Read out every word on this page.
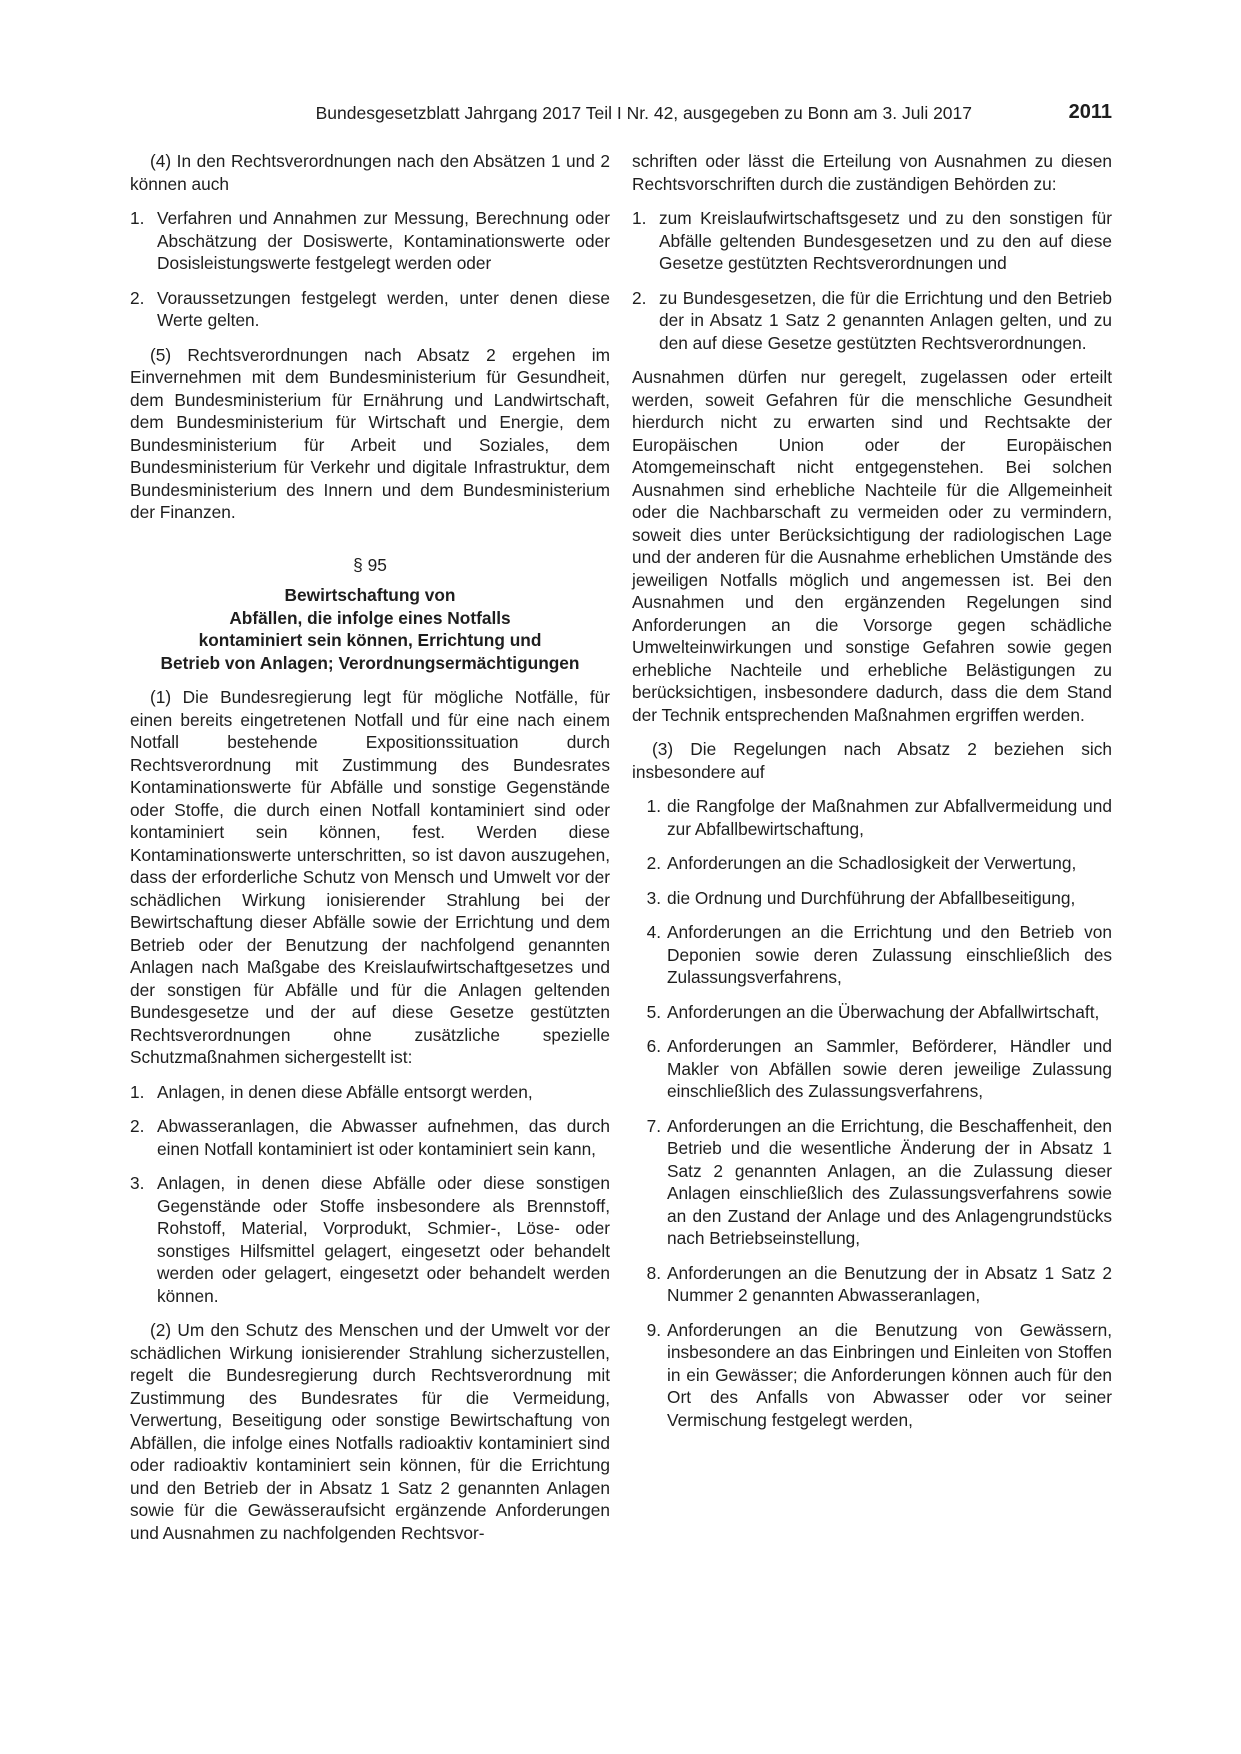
Bundesgesetzblatt Jahrgang 2017 Teil I Nr. 42, ausgegeben zu Bonn am 3. Juli 2017	2011

(4) In den Rechtsverordnungen nach den Absätzen 1 und 2 können auch

1. Verfahren und Annahmen zur Messung, Berechnung oder Abschätzung der Dosiswerte, Kontaminationswerte oder Dosisleistungswerte festgelegt werden oder
2. Voraussetzungen festgelegt werden, unter denen diese Werte gelten.

(5) Rechtsverordnungen nach Absatz 2 ergehen im Einvernehmen mit dem Bundesministerium für Gesundheit, dem Bundesministerium für Ernährung und Landwirtschaft, dem Bundesministerium für Wirtschaft und Energie, dem Bundesministerium für Arbeit und Soziales, dem Bundesministerium für Verkehr und digitale Infrastruktur, dem Bundesministerium des Innern und dem Bundesministerium der Finanzen.

§ 95
Bewirtschaftung von
Abfällen, die infolge eines Notfalls
kontaminiert sein können, Errichtung und
Betrieb von Anlagen; Verordnungsermächtigungen

(1) Die Bundesregierung legt für mögliche Notfälle, für einen bereits eingetretenen Notfall und für eine nach einem Notfall bestehende Expositionssituation durch Rechtsverordnung mit Zustimmung des Bundesrates Kontaminationswerte für Abfälle und sonstige Gegenstände oder Stoffe, die durch einen Notfall kontaminiert sind oder kontaminiert sein können, fest. Werden diese Kontaminationswerte unterschritten, so ist davon auszugehen, dass der erforderliche Schutz von Mensch und Umwelt vor der schädlichen Wirkung ionisierender Strahlung bei der Bewirtschaftung dieser Abfälle sowie der Errichtung und dem Betrieb oder der Benutzung der nachfolgend genannten Anlagen nach Maßgabe des Kreislaufwirtschaftgesetzes und der sonstigen für Abfälle und für die Anlagen geltenden Bundesgesetze und der auf diese Gesetze gestützten Rechtsverordnungen ohne zusätzliche spezielle Schutzmaßnahmen sichergestellt ist:

1. Anlagen, in denen diese Abfälle entsorgt werden,
2. Abwasseranlagen, die Abwasser aufnehmen, das durch einen Notfall kontaminiert ist oder kontaminiert sein kann,
3. Anlagen, in denen diese Abfälle oder diese sonstigen Gegenstände oder Stoffe insbesondere als Brennstoff, Rohstoff, Material, Vorprodukt, Schmier-, Löse- oder sonstiges Hilfsmittel gelagert, eingesetzt oder behandelt werden oder gelagert, eingesetzt oder behandelt werden können.

(2) Um den Schutz des Menschen und der Umwelt vor der schädlichen Wirkung ionisierender Strahlung sicherzustellen, regelt die Bundesregierung durch Rechtsverordnung mit Zustimmung des Bundesrates für die Vermeidung, Verwertung, Beseitigung oder sonstige Bewirtschaftung von Abfällen, die infolge eines Notfalls radioaktiv kontaminiert sind oder radioaktiv kontaminiert sein können, für die Errichtung und den Betrieb der in Absatz 1 Satz 2 genannten Anlagen sowie für die Gewässeraufsicht ergänzende Anforderungen und Ausnahmen zu nachfolgenden Rechtsvor-

schriften oder lässt die Erteilung von Ausnahmen zu diesen Rechtsvorschriften durch die zuständigen Behörden zu:

1. zum Kreislaufwirtschaftsgesetz und zu den sonstigen für Abfälle geltenden Bundesgesetzen und zu den auf diese Gesetze gestützten Rechtsverordnungen und
2. zu Bundesgesetzen, die für die Errichtung und den Betrieb der in Absatz 1 Satz 2 genannten Anlagen gelten, und zu den auf diese Gesetze gestützten Rechtsverordnungen.

Ausnahmen dürfen nur geregelt, zugelassen oder erteilt werden, soweit Gefahren für die menschliche Gesundheit hierdurch nicht zu erwarten sind und Rechtsakte der Europäischen Union oder der Europäischen Atomgemeinschaft nicht entgegenstehen. Bei solchen Ausnahmen sind erhebliche Nachteile für die Allgemeinheit oder die Nachbarschaft zu vermeiden oder zu vermindern, soweit dies unter Berücksichtigung der radiologischen Lage und der anderen für die Ausnahme erheblichen Umstände des jeweiligen Notfalls möglich und angemessen ist. Bei den Ausnahmen und den ergänzenden Regelungen sind Anforderungen an die Vorsorge gegen schädliche Umwelteinwirkungen und sonstige Gefahren sowie gegen erhebliche Nachteile und erhebliche Belästigungen zu berücksichtigen, insbesondere dadurch, dass die dem Stand der Technik entsprechenden Maßnahmen ergriffen werden.

(3) Die Regelungen nach Absatz 2 beziehen sich insbesondere auf

1. die Rangfolge der Maßnahmen zur Abfallvermeidung und zur Abfallbewirtschaftung,
2. Anforderungen an die Schadlosigkeit der Verwertung,
3. die Ordnung und Durchführung der Abfallbeseitigung,
4. Anforderungen an die Errichtung und den Betrieb von Deponien sowie deren Zulassung einschließlich des Zulassungsverfahrens,
5. Anforderungen an die Überwachung der Abfallwirtschaft,
6. Anforderungen an Sammler, Beförderer, Händler und Makler von Abfällen sowie deren jeweilige Zulassung einschließlich des Zulassungsverfahrens,
7. Anforderungen an die Errichtung, die Beschaffenheit, den Betrieb und die wesentliche Änderung der in Absatz 1 Satz 2 genannten Anlagen, an die Zulassung dieser Anlagen einschließlich des Zulassungsverfahrens sowie an den Zustand der Anlage und des Anlagengrundstücks nach Betriebseinstellung,
8. Anforderungen an die Benutzung der in Absatz 1 Satz 2 Nummer 2 genannten Abwasseranlagen,
9. Anforderungen an die Benutzung von Gewässern, insbesondere an das Einbringen und Einleiten von Stoffen in ein Gewässer; die Anforderungen können auch für den Ort des Anfalls von Abwasser oder vor seiner Vermischung festgelegt werden,
